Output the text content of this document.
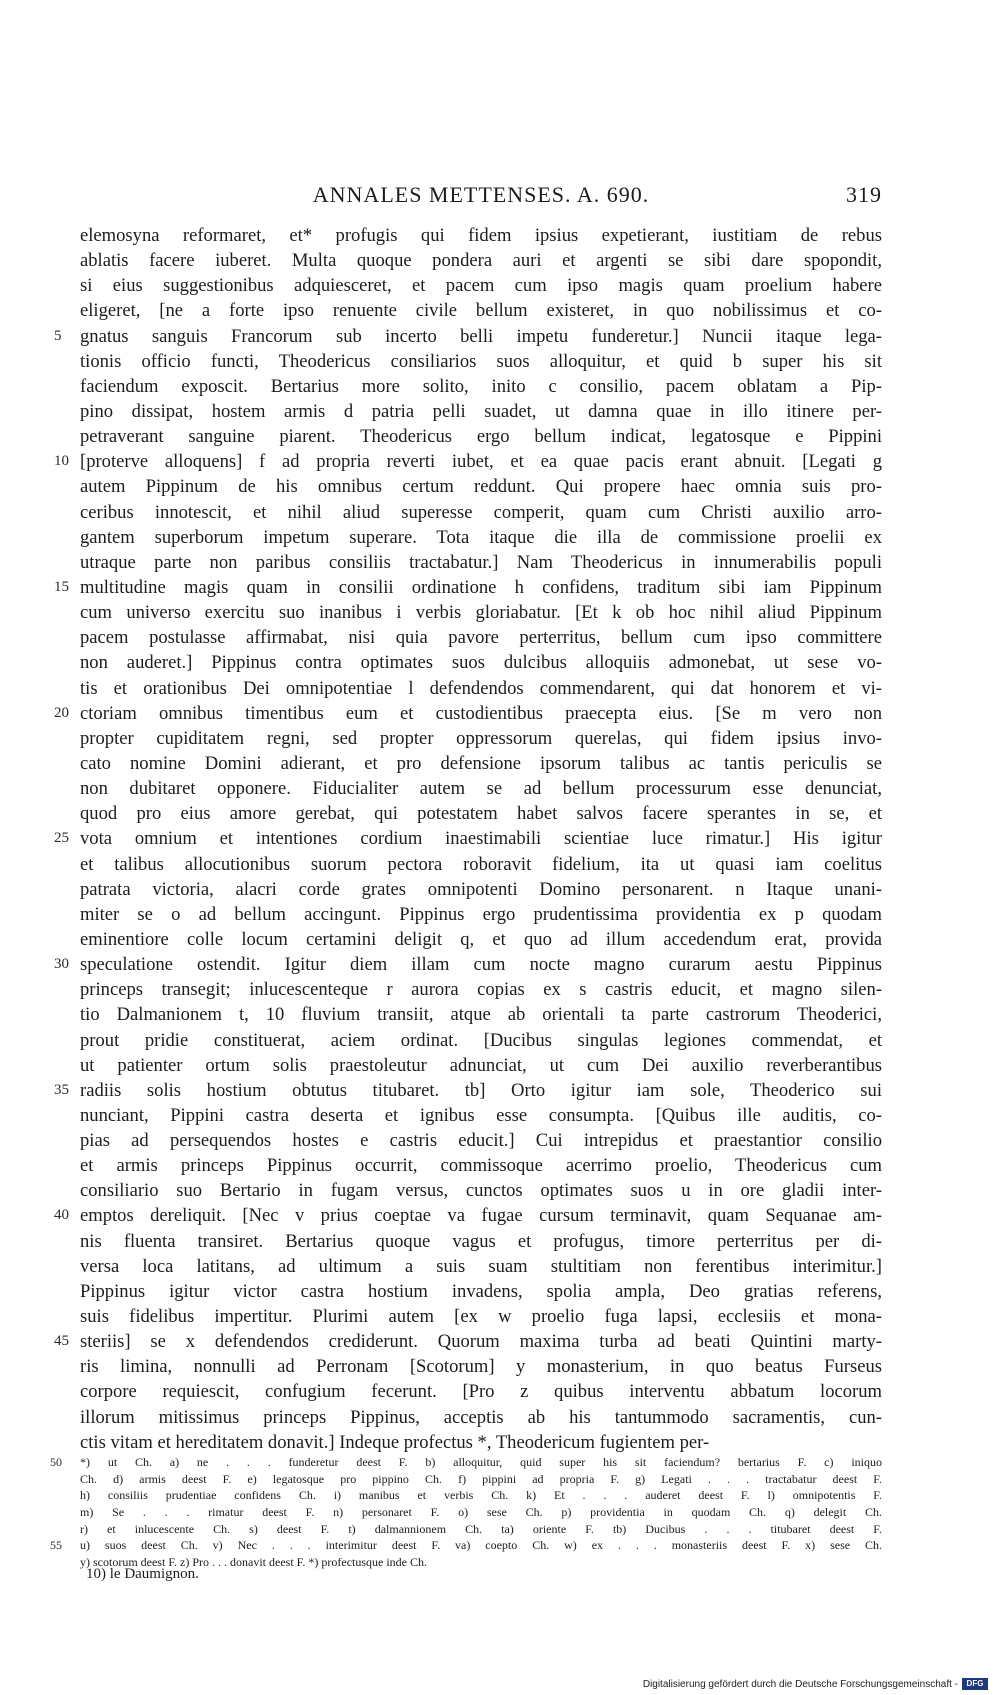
ANNALES METTENSES. A. 690.	319
elemosyna reformaret, et* profugis qui fidem ipsius expetierant, iustitiam de rebus
ablatis facere iuberet. Multa quoque pondera auri et argenti se sibi dare spopondit,
si eius suggestionibus adquiesceret, et pacem cum ipso magis quam proelium habere
eligeret, [ne a forte ipso renuente civile bellum existeret, in quo nobilissimus et co-
5 gnatus sanguis Francorum sub incerto belli impetu funderetur.] Nuncii itaque lega-
tionis officio functi, Theodericus consiliarios suos alloquitur, et quid b super his sit
faciendum exposcit. Bertarius more solito, inito c consilio, pacem oblatam a Pip-
pino dissipat, hostem armis d patria pelli suadet, ut damna quae in illo itinere per-
petraverant sanguine piarent. Theodericus ergo bellum indicat, legatosque e Pippini
10 [proterve alloquens] f ad propria reverti iubet, et ea quae pacis erant abnuit. [Legati g
autem Pippinum de his omnibus certum reddunt. Qui propere haec omnia suis pro-
ceribus innotescit, et nihil aliud superesse comperit, quam cum Christi auxilio arro-
gantem superborum impetum superare. Tota itaque die illa de commissione proelii ex
utraque parte non paribus consiliis tractabatur.] Nam Theodericus in innumerabilis populi
15 multitudine magis quam in consilii ordinatione h confidens, traditum sibi iam Pippinum
cum universo exercitu suo inanibus i verbis gloriabatur. [Et k ob hoc nihil aliud Pippinum
pacem postulasse affirmabat, nisi quia pavore perterritus, bellum cum ipso committere
non auderet.] Pippinus contra optimates suos dulcibus alloquiis admonebat, ut sese vo-
tis et orationibus Dei omnipotentiae l defendendos commendarent, qui dat honorem et vi-
20 ctoriam omnibus timentibus eum et custodientibus praecepta eius. [Se m vero non
propter cupiditatem regni, sed propter oppressorum querelas, qui fidem ipsius invo-
cato nomine Domini adierant, et pro defensione ipsorum talibus ac tantis periculis se
non dubitaret opponere. Fiducialiter autem se ad bellum processurum esse denunciat,
quod pro eius amore gerebat, qui potestatem habet salvos facere sperantes in se, et
25 vota omnium et intentiones cordium inaestimabili scientiae luce rimatur.] His igitur
et talibus allocutionibus suorum pectora roboravit fidelium, ita ut quasi iam coelitus
patrata victoria, alacri corde grates omnipotenti Domino personarent. n Itaque unani-
miter se o ad bellum accingunt. Pippinus ergo prudentissima providentia ex p quodam
eminentiore colle locum certamini deligit q, et quo ad illum accedendum erat, provida
30 speculatione ostendit. Igitur diem illam cum nocte magno curarum aestu Pippinus
princeps transegit; inlucescenteque r aurora copias ex s castris educit, et magno silen-
tio Dalmanionem t, 10 fluvium transiit, atque ab orientali ta parte castrorum Theoderici,
prout pridie constituerat, aciem ordinat. [Ducibus singulas legiones commendat, et
ut patienter ortum solis praestoleutur adnunciat, ut cum Dei auxilio reverberantibus
35 radiis solis hostium obtutus titubaret. tb] Orto igitur iam sole, Theoderico sui
nunciant, Pippini castra deserta et ignibus esse consumpta. [Quibus ille auditis, co-
pias ad persequendos hostes e castris educit.] Cui intrepidus et praestantior consilio
et armis princeps Pippinus occurrit, commissoque acerrimo proelio, Theodericus cum
consiliario suo Bertario in fugam versus, cunctos optimates suos u in ore gladii inter-
40 emptos dereliquit. [Nec v prius coeptae va fugae cursum terminavit, quam Sequanae am-
nis fluenta transiret. Bertarius quoque vagus et profugus, timore perterritus per di-
versa loca latitans, ad ultimum a suis suam stultitiam non ferentibus interimitur.]
Pippinus igitur victor castra hostium invadens, spolia ampla, Deo gratias referens,
suis fidelibus impertitur. Plurimi autem [ex w proelio fuga lapsi, ecclesiis et mona-
45 steriis] se x defendendos crediderunt. Quorum maxima turba ad beati Quintini marty-
ris limina, nonnulli ad Perronam [Scotorum] y monasterium, in quo beatus Furseus
corpore requiescit, confugium fecerunt. [Pro z quibus interventu abbatum locorum
illorum mitissimus princeps Pippinus, acceptis ab his tantummodo sacramentis, cun-
ctis vitam et hereditatem donavit.] Indeque profectus *, Theodericum fugientem per-
50	*) ut Ch. a) ne . . . funderetur deest F. b) alloquitur, quid super his sit faciendum? bertarius F. c) iniquo
Ch. d) armis deest F. e) legatosque pro pippino Ch. f) pippini ad propria F. g) Legati . . . tractabatur deest F.
h) consiliis prudentiae confidens Ch. i) manibus et verbis Ch. k) Et . . . auderet deest F. l) omnipotentis F.
m) Se . . . rimatur deest F. n) personaret F. o) sese Ch. p) providentia in quodam Ch. q) delegit Ch.
r) et inlucescente Ch. s) deest F. t) dalmannionem Ch. ta) oriente F. tb) Ducibus . . . titubaret deest F.
55	u) suos deest Ch. v) Nec . . . interimitur deest F. va) coepto Ch. w) ex . . . monasteriis deest F. x) sese Ch.
y) scotorum deest F. z) Pro . . . donavit deest F. *) profectusque inde Ch.
10) le Daumignon.
Digitalisierung gefördert durch die Deutsche Forschungsgemeinschaft -	DFG
